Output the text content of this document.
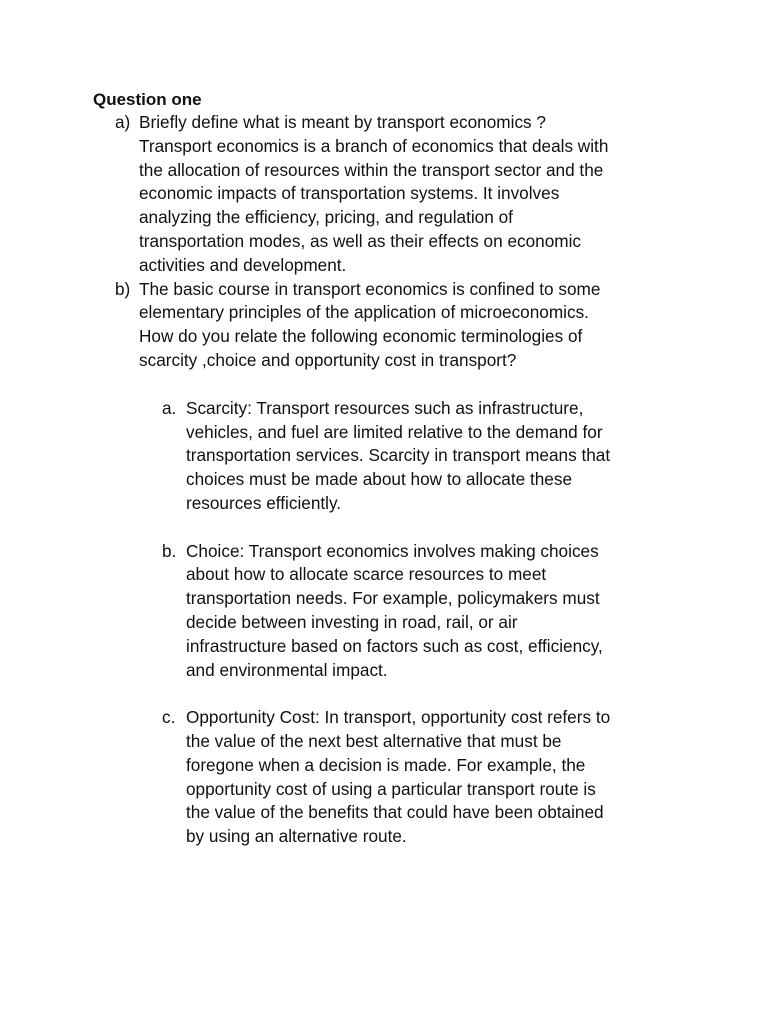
Question one

a) Briefly define what is meant by transport economics ?
Transport economics is a branch of economics that deals with
the allocation of resources within the transport sector and the
economic impacts of transportation systems. It involves
analyzing the efficiency, pricing, and regulation of
transportation modes, as well as their effects on economic
activities and development.
b) The basic course in transport economics is confined to some
elementary principles of the application of microeconomics.
How do you relate the following economic terminologies of
scarcity ,choice and opportunity cost in transport?
a. Scarcity: Transport resources such as infrastructure,
vehicles, and fuel are limited relative to the demand for
transportation services. Scarcity in transport means that
choices must be made about how to allocate these
resources efficiently.
b. Choice: Transport economics involves making choices
about how to allocate scarce resources to meet
transportation needs. For example, policymakers must
decide between investing in road, rail, or air
infrastructure based on factors such as cost, efficiency,
and environmental impact.
c. Opportunity Cost: In transport, opportunity cost refers to
the value of the next best alternative that must be
foregone when a decision is made. For example, the
opportunity cost of using a particular transport route is
the value of the benefits that could have been obtained
by using an alternative route.
